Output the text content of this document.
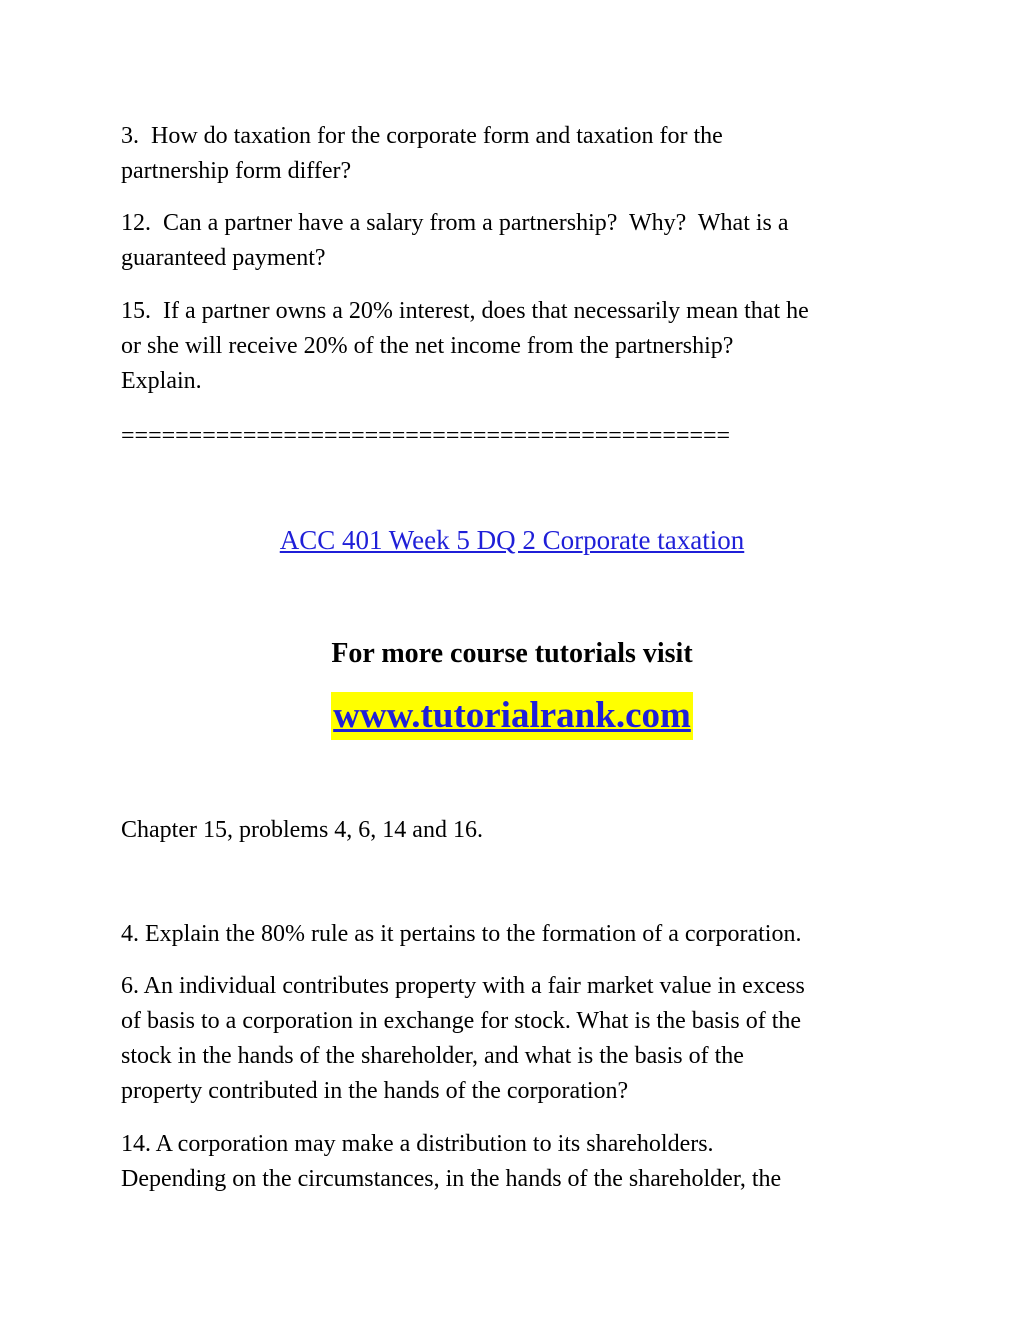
3.  How do taxation for the corporate form and taxation for the
partnership form differ?

12.  Can a partner have a salary from a partnership?  Why?  What is a
guaranteed payment?

15.  If a partner owns a 20% interest, does that necessarily mean that he
or she will receive 20% of the net income from the partnership?
Explain.

=============================================

ACC 401 Week 5 DQ 2 Corporate taxation

For more course tutorials visit

www.tutorialrank.com

Chapter 15, problems 4, 6, 14 and 16.

4. Explain the 80% rule as it pertains to the formation of a corporation.

6. An individual contributes property with a fair market value in excess
of basis to a corporation in exchange for stock. What is the basis of the
stock in the hands of the shareholder, and what is the basis of the
property contributed in the hands of the corporation?

14. A corporation may make a distribution to its shareholders.
Depending on the circumstances, in the hands of the shareholder, the
